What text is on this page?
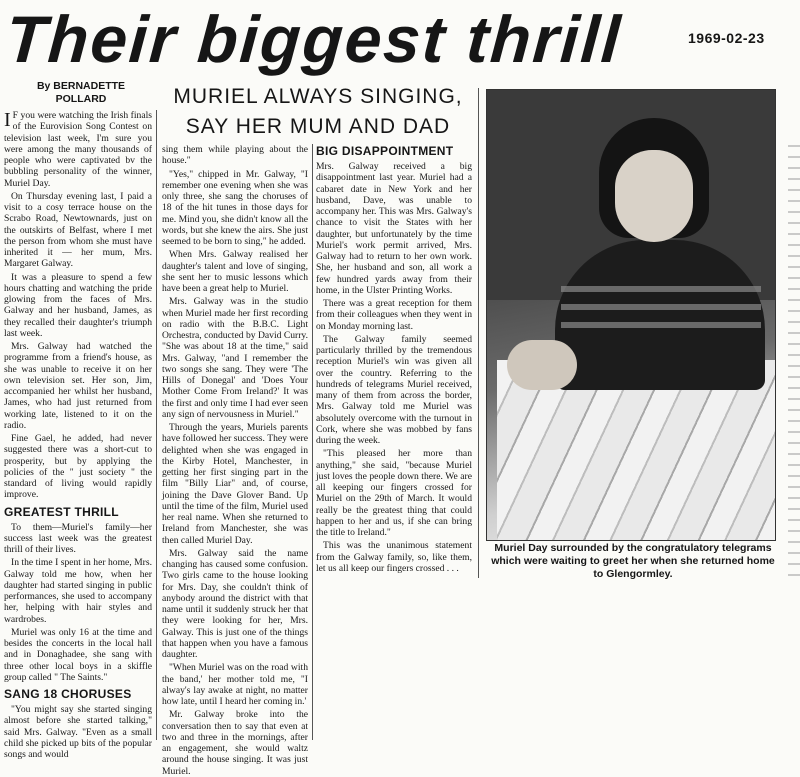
Their biggest thrill	1969-02-23
By BERNADETTE
POLLARD	MURIEL ALWAYS SINGING,
SAY HER MUM AND DAD

I F you were watching the Irish finals of the Eurovision Song Contest on television last week, I'm sure you were among the many thousands of people who were captivated bv the bubbling personality of the winner, Muriel Day.

On Thursday evening last, I paid a visit to a cosy terrace house on the Scrabo Road, Newtownards, just on the outskirts of Belfast, where I met the person from whom she must have inherited it — her mum, Mrs. Margaret Galway.

It was a pleasure to spend a few hours chatting and watching the pride glowing from the faces of Mrs. Galway and her husband, James, as they recalled their daughter's triumph last week.

Mrs. Galway had watched the programme from a friend's house, as she was unable to receive it on her own television set. Her son, Jim, accompanied her whilst her husband, James, who had just returned from working late, listened to it on the radio.

Fine Gael, he added, had never suggested there was a short-cut to prosperity, but by applying the policies of the " just society " the standard of living would rapidly improve.

GREATEST THRILL

To them—Muriel's family—her success last week was the greatest thrill of their lives.

In the time I spent in her home, Mrs. Galway told me how, when her daughter had started singing in public performances, she used to accompany her, helping with hair styles and wardrobes.

Muriel was only 16 at the time and besides the concerts in the local hall and in Donaghadee, she sang with three other local boys in a skiffle group called " The Saints."

SANG 18 CHORUSES

"You might say she started singing almost before she started talking," said Mrs. Galway. "Even as a small child she picked up bits of the popular songs and would

sing them while playing about the house."

"Yes," chipped in Mr. Galway, "I remember one evening when she was only three, she sang the choruses of 18 of the hit tunes in those days for me. Mind you, she didn't know all the words, but she knew the airs. She just seemed to be born to sing," he added.

When Mrs. Galway realised her daughter's talent and love of singing, she sent her to music lessons which have been a great help to Muriel.

Mrs. Galway was in the studio when Muriel made her first recording on radio with the B.B.C. Light Orchestra, conducted by David Curry. "She was about 18 at the time," said Mrs. Galway, "and I remember the two songs she sang. They were 'The Hills of Donegal' and 'Does Your Mother Come From Ireland?' It was the first and only time I had ever seen any sign of nervousness in Muriel."

Through the years, Muriels parents have followed her success. They were delighted when she was engaged in the Kirby Hotel, Manchester, in getting her first singing part in the film "Billy Liar" and, of course, joining the Dave Glover Band. Up until the time of the film, Muriel used her real name. When she returned to Ireland from Manchester, she was then called Muriel Day.

Mrs. Galway said the name changing has caused some confusion. Two girls came to the house looking for Mrs. Day, she couldn't think of anybody around the district with that name until it suddenly struck her that they were looking for her, Mrs. Galway. This is just one of the things that happen when you have a famous daughter.

"When Muriel was on the road with the band,' her mother told me, "I alway's lay awake at night, no matter how late, until I heard her coming in.'

Mr. Galway broke into the conversation then to say that even at two and three in the mornings, after an engagement, she would waltz around the house singing. It was just Muriel.

BIG DISAPPOINTMENT

Mrs. Galway received a big disappointment last year. Muriel had a cabaret date in New York and her husband, Dave, was unable to accompany her. This was Mrs. Galway's chance to visit the States with her daughter, but unfortunately by the time Muriel's work permit arrived, Mrs. Galway had to return to her own work. She, her husband and son, all work a few hundred yards away from their home, in the Ulster Printing Works.

There was a great reception for them from their colleagues when they went in on Monday morning last.

The Galway family seemed particularly thrilled by the tremendous reception Muriel's win was given all over the country. Referring to the hundreds of telegrams Muriel received, many of them from across the border, Mrs. Galway told me Muriel was absolutely overcome with the turnout in Cork, where she was mobbed by fans during the week.

"This pleased her more than anything," she said, "because Muriel just loves the people down there. We are all keeping our fingers crossed for Muriel on the 29th of March. It would really be the greatest thing that could happen to her and us, if she can bring the title to Ireland."

This was the unanimous statement from the Galway family, so, like them, let us all keep our fingers crossed . . .

Muriel Day surrounded by the congratulatory telegrams
which were waiting to greet her when she returned home
to Glengormley.
